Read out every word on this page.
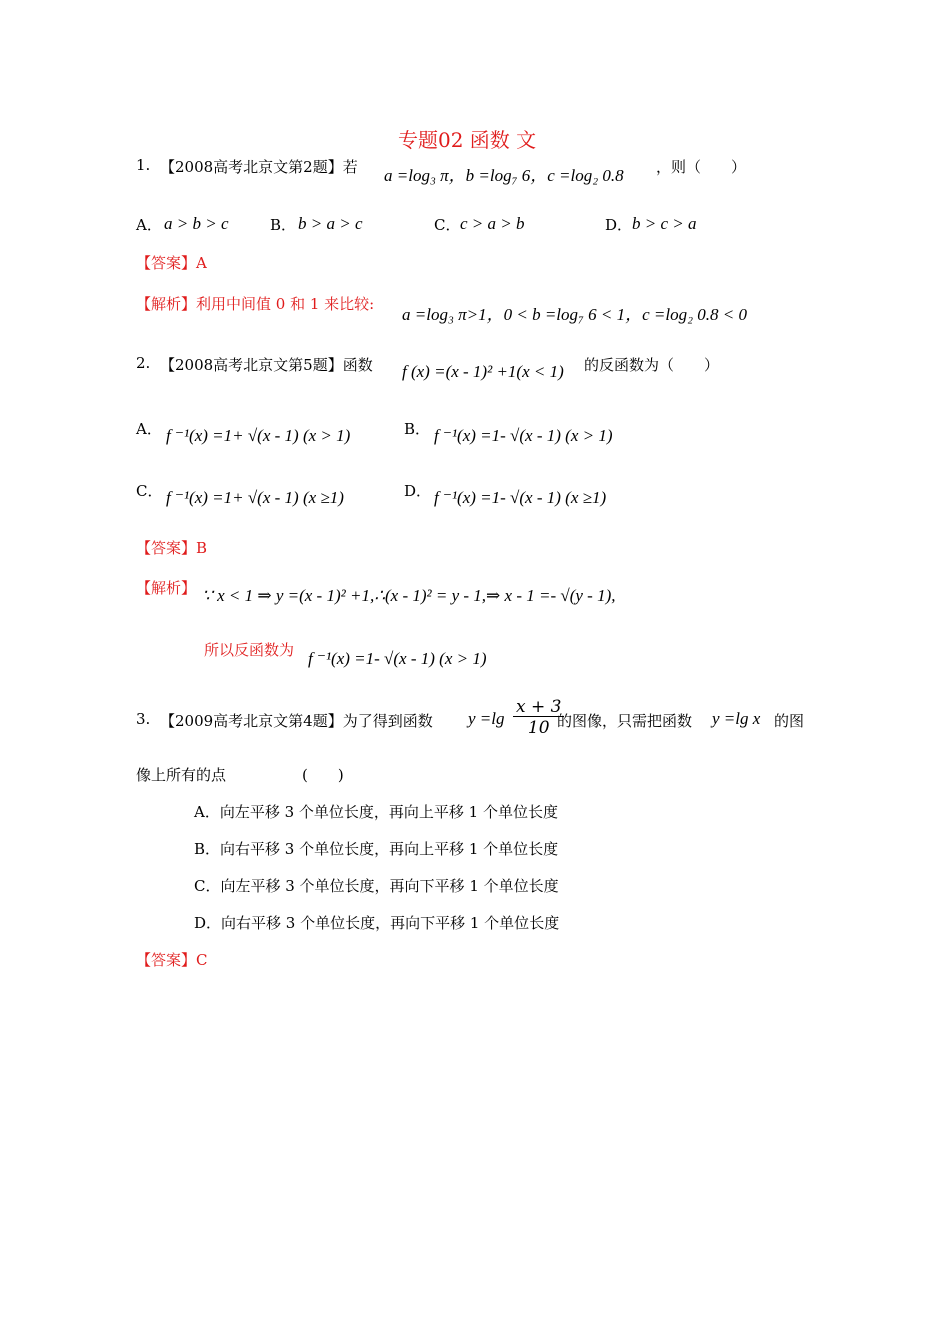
专题02 函数 文
1. 【2008高考北京文第2题】若 a =log₃ π，b =log₇ 6，c =log₂ 0.8 ，则（　　）
A． a > b > c	B． b > a > c	C． c > a > b	D． b > c > a
【答案】A
【解析】利用中间值 0 和 1 来比较:
a =log₃ π>1，0 < b =log₇ 6 < 1，c =log₂ 0.8 < 0
2. 【2008高考北京文第5题】函数 f (x) =(x - 1)² +1(x < 1) 的反函数为（　　）
A． f ⁻¹(x) =1+ √(x - 1) (x > 1)	B． f ⁻¹(x) =1- √(x - 1) (x > 1)
C． f ⁻¹(x) =1+ √(x - 1) (x ≥1)	D． f ⁻¹(x) =1- √(x - 1) (x ≥1)
【答案】B
【解析】 ∵ x < 1 ⇒ y =(x - 1)² +1,∴(x - 1)² = y - 1,⇒ x - 1 =- √(y - 1),
所以反函数为 f ⁻¹(x) =1- √(x - 1) (x > 1)
3. 【2009高考北京文第4题】为了得到函数 $y =\lg \frac{x + 3}{10}$
的图像，只需把函数 y =lg x 的图
像上所有的点	(　　)
A．向左平移 3 个单位长度，再向上平移 1 个单位长度
B．向右平移 3 个单位长度，再向上平移 1 个单位长度
C．向左平移 3 个单位长度，再向下平移 1 个单位长度
D．向右平移 3 个单位长度，再向下平移 1 个单位长度
【答案】C
